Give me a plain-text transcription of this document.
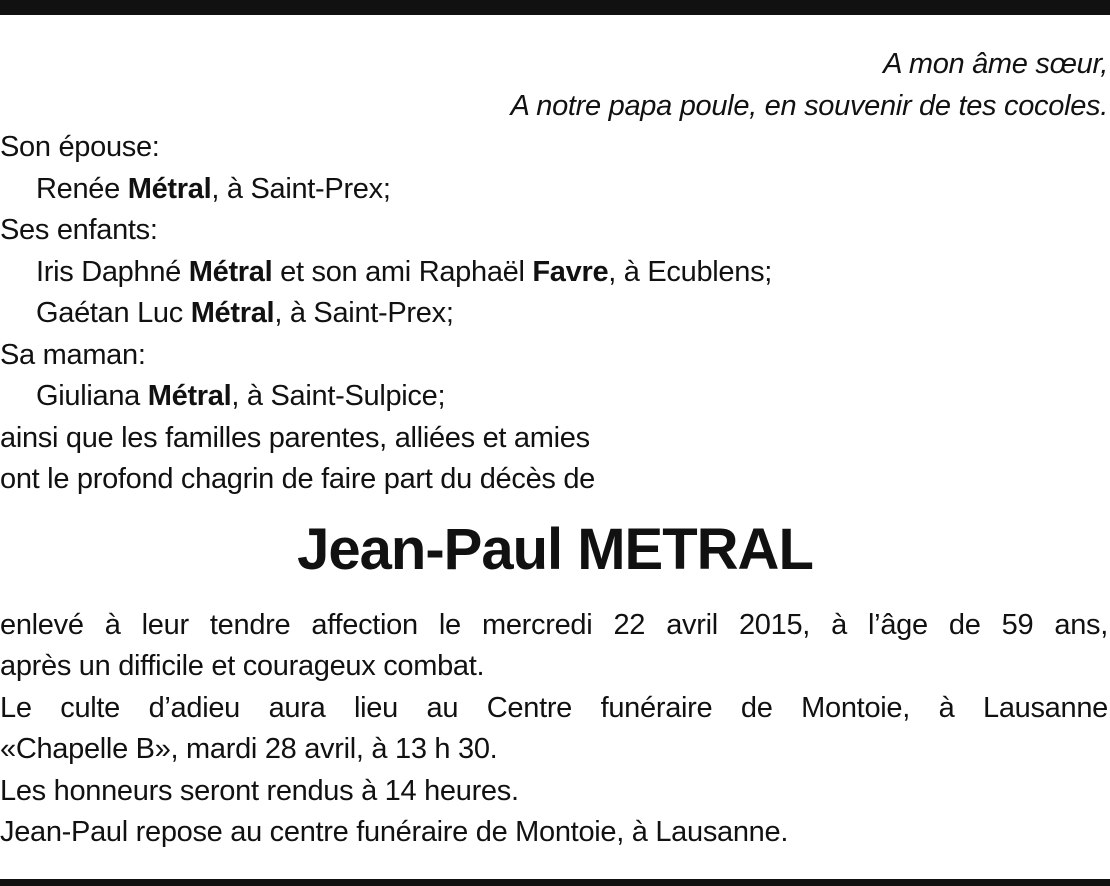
A mon âme sœur,
A notre papa poule, en souvenir de tes cocoles.
Son épouse:
Renée Métral, à Saint-Prex;
Ses enfants:
Iris Daphné Métral et son ami Raphaël Favre, à Ecublens;
Gaétan Luc Métral, à Saint-Prex;
Sa maman:
Giuliana Métral, à Saint-Sulpice;
ainsi que les familles parentes, alliées et amies
ont le profond chagrin de faire part du décès de
Jean-Paul METRAL
enlevé à leur tendre affection le mercredi 22 avril 2015, à l’âge de 59 ans,
après un difficile et courageux combat.
Le culte d’adieu aura lieu au Centre funéraire de Montoie, à Lausanne
«Chapelle B», mardi 28 avril, à 13 h 30.
Les honneurs seront rendus à 14 heures.
Jean-Paul repose au centre funéraire de Montoie, à Lausanne.
